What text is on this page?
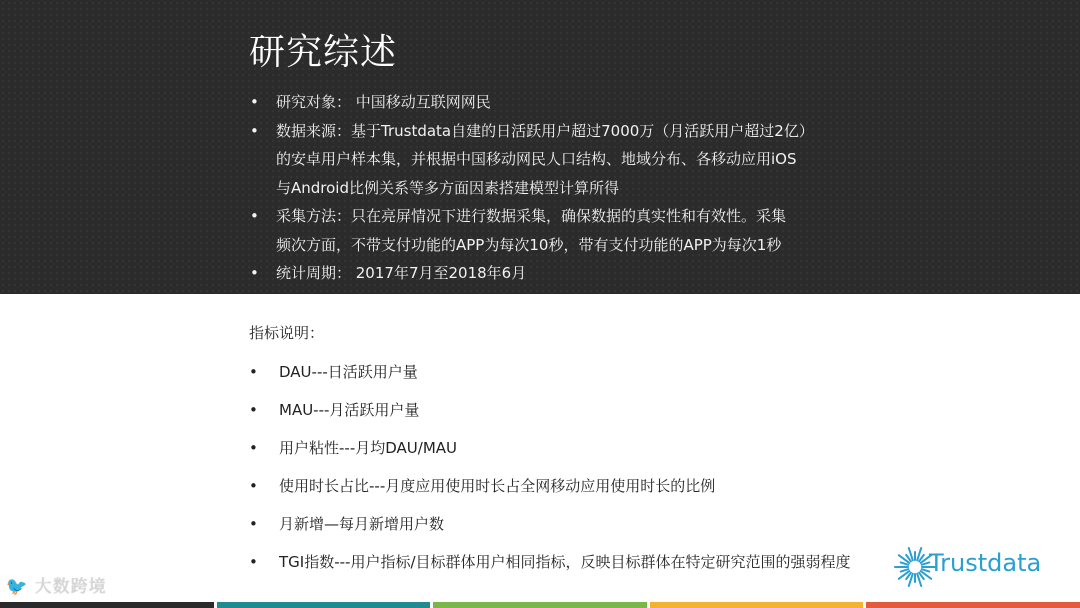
研究综述
• 研究对象： 中国移动互联网网民
• 数据来源：基于Trustdata自建的日活跃用户超过7000万（月活跃用户超过2亿）
的安卓用户样本集，并根据中国移动网民人口结构、地域分布、各移动应用iOS
与Android比例关系等多方面因素搭建模型计算所得
• 采集方法：只在亮屏情况下进行数据采集，确保数据的真实性和有效性。采集
频次方面，不带支付功能的APP为每次10秒，带有支付功能的APP为每次1秒
• 统计周期： 2017年7月至2018年6月
指标说明：
• DAU---日活跃用户量
• MAU---月活跃用户量
• 用户粘性---月均DAU/MAU
• 使用时长占比---月度应用使用时长占全网移动应用使用时长的比例
• 月新增—每月新增用户数
• TGI指数---用户指标/目标群体用户相同指标，反映目标群体在特定研究范围的强弱程度	Trustdata
🐦 大数跨境
